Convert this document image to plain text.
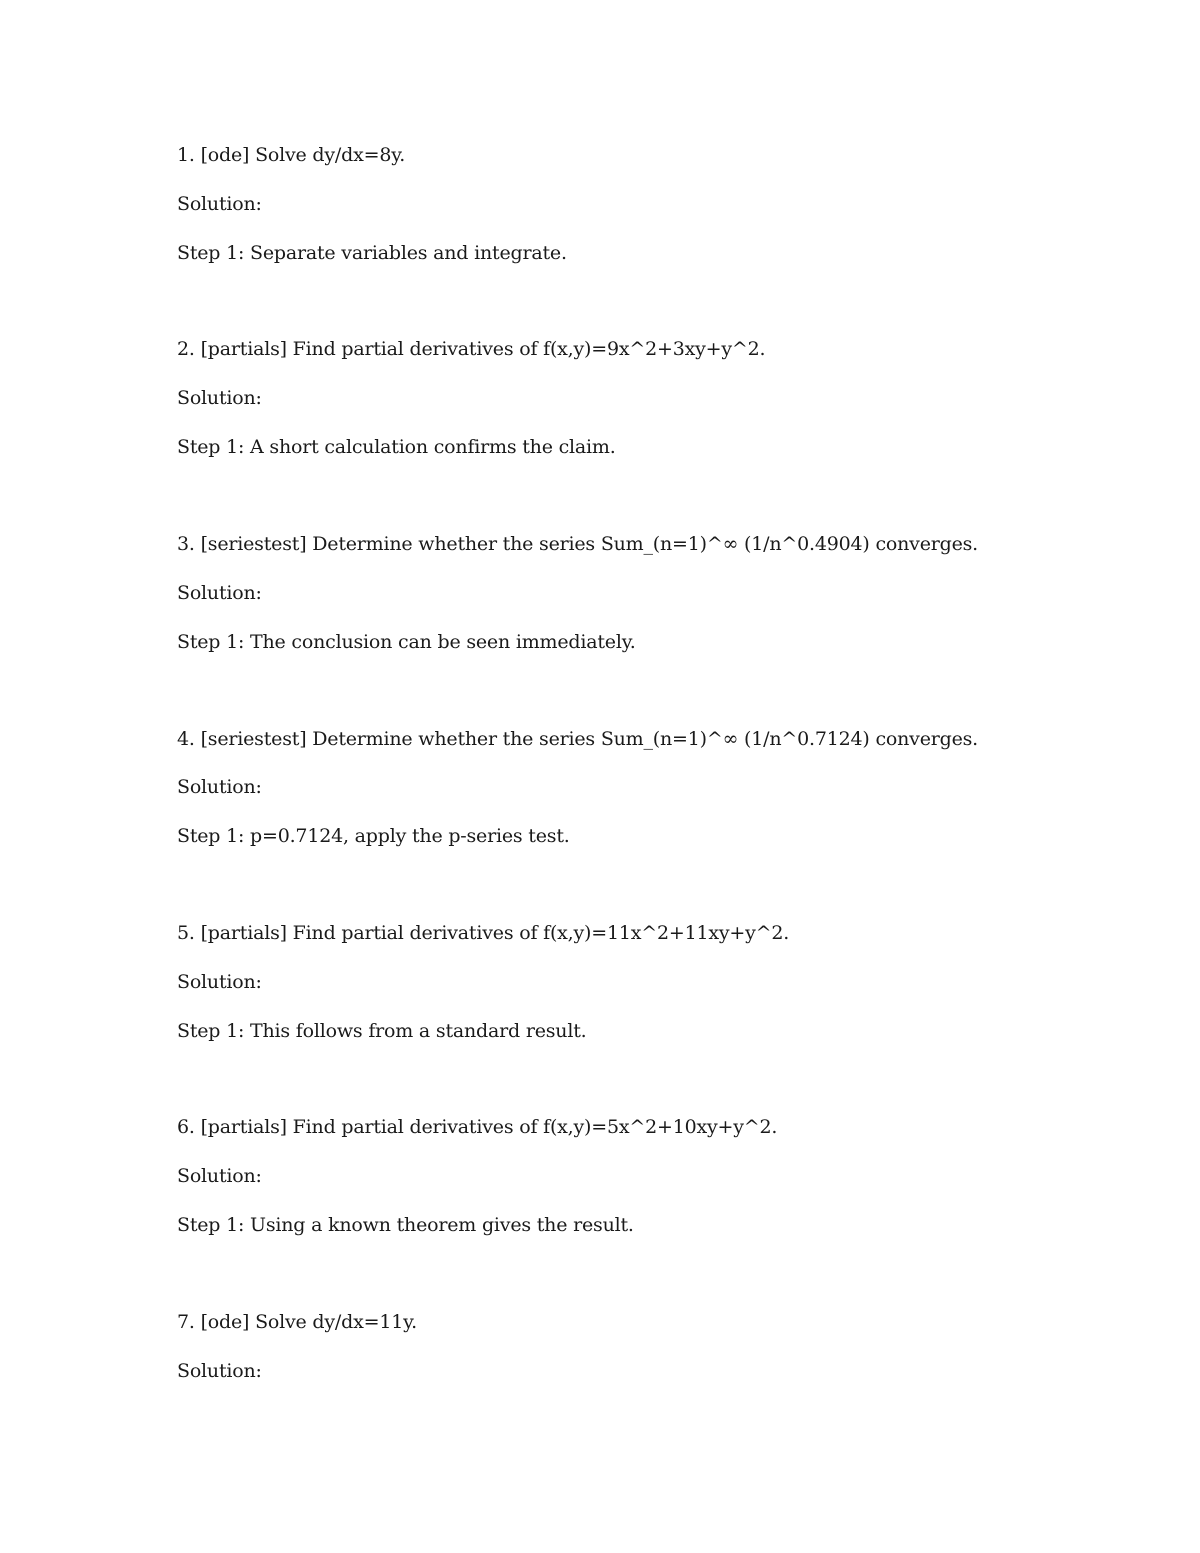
1. [ode] Solve dy/dx=8y.
Solution:
Step 1: Separate variables and integrate.
2. [partials] Find partial derivatives of f(x,y)=9x^2+3xy+y^2.
Solution:
Step 1: A short calculation confirms the claim.
3. [seriestest] Determine whether the series Sum_(n=1)^∞ (1/n^0.4904) converges.
Solution:
Step 1: The conclusion can be seen immediately.
4. [seriestest] Determine whether the series Sum_(n=1)^∞ (1/n^0.7124) converges.
Solution:
Step 1: p=0.7124, apply the p-series test.
5. [partials] Find partial derivatives of f(x,y)=11x^2+11xy+y^2.
Solution:
Step 1: This follows from a standard result.
6. [partials] Find partial derivatives of f(x,y)=5x^2+10xy+y^2.
Solution:
Step 1: Using a known theorem gives the result.
7. [ode] Solve dy/dx=11y.
Solution:
